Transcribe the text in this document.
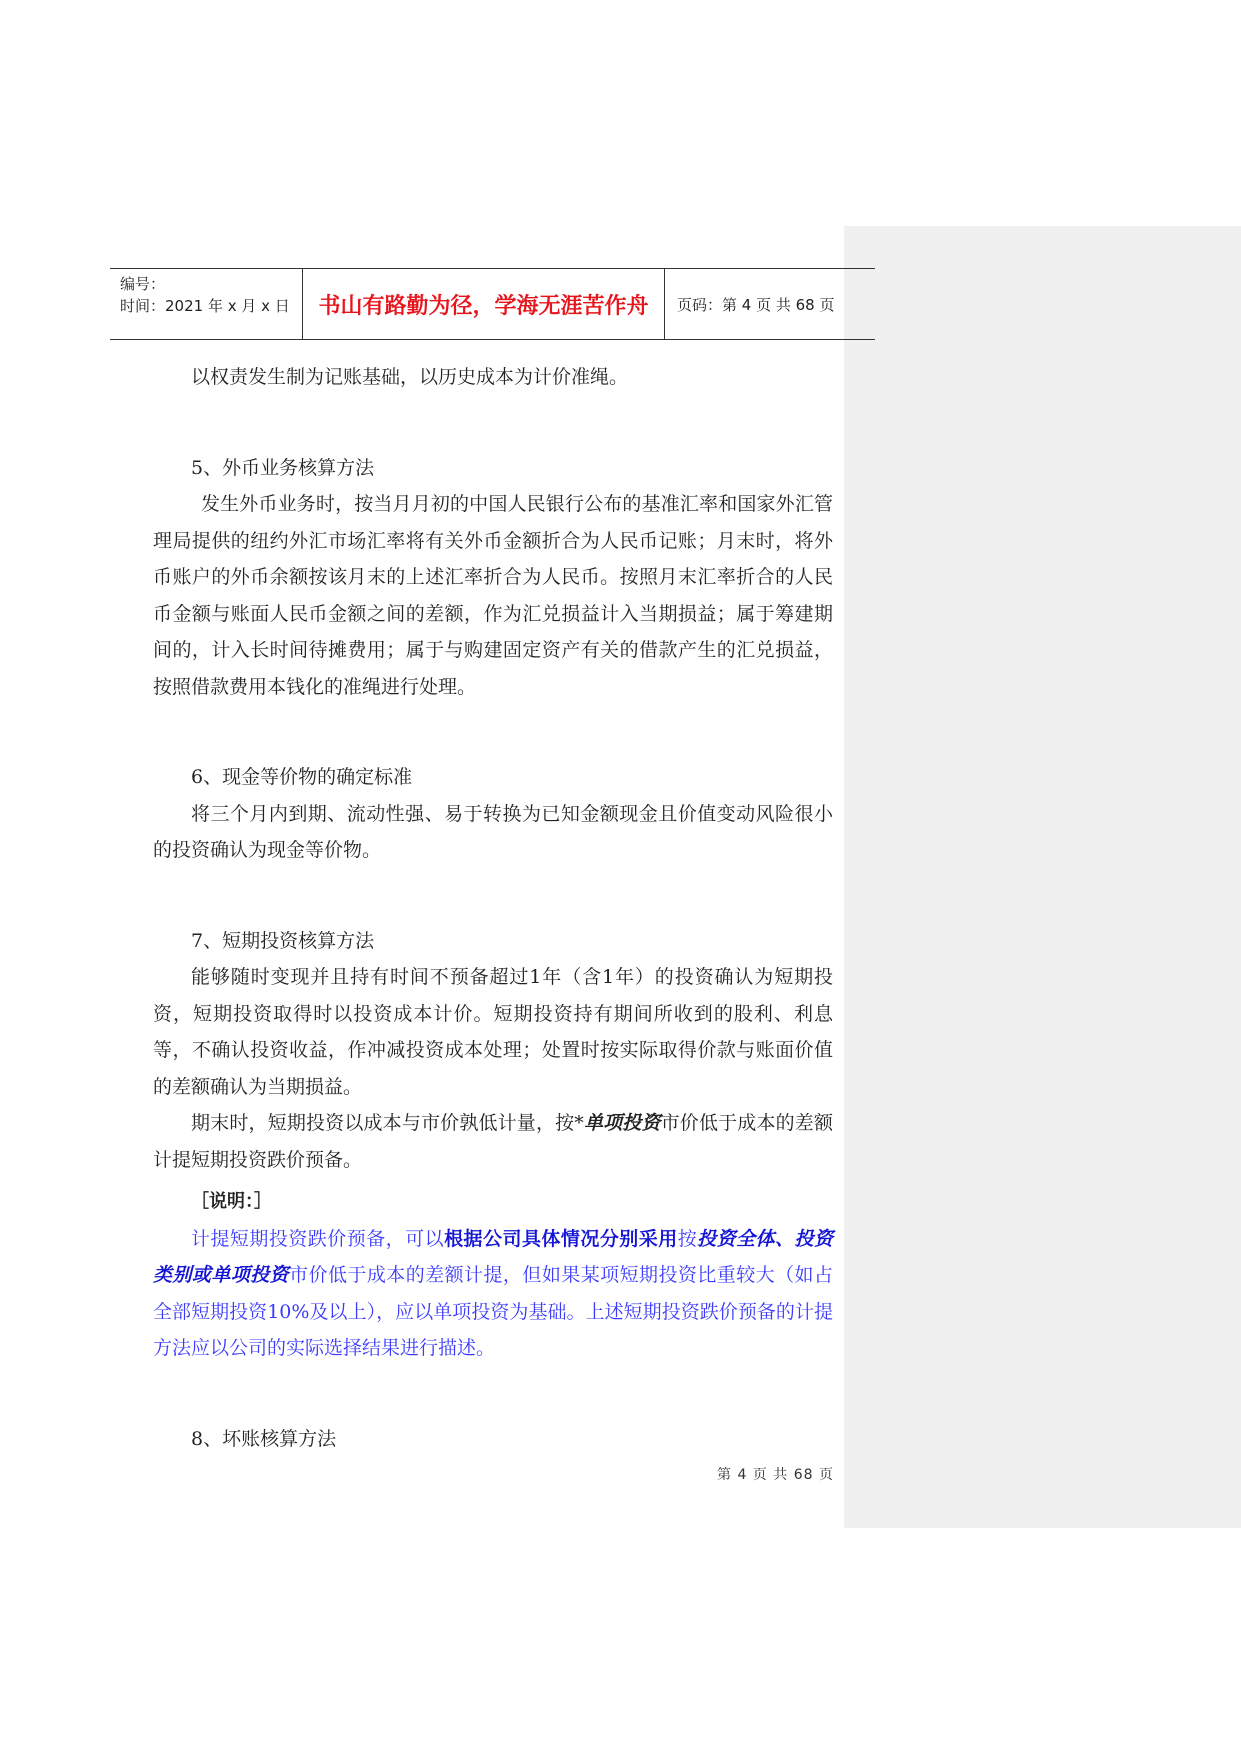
编号：
时间：2021 年 x 月 x 日	书山有路勤为径，学海无涯苦作舟	页码：第 4 页 共 68 页

以权责发生制为记账基础，以历史成本为计价准绳。

5、外币业务核算方法

发生外币业务时，按当月月初的中国人民银行公布的基准汇率和国家外汇管理局提供的纽约外汇市场汇率将有关外币金额折合为人民币记账；月末时，将外币账户的外币余额按该月末的上述汇率折合为人民币。按照月末汇率折合的人民币金额与账面人民币金额之间的差额，作为汇兑损益计入当期损益；属于筹建期间的，计入长时间待摊费用；属于与购建固定资产有关的借款产生的汇兑损益，按照借款费用本钱化的准绳进行处理。

6、现金等价物的确定标准

将三个月内到期、流动性强、易于转换为已知金额现金且价值变动风险很小的投资确认为现金等价物。

7、短期投资核算方法

能够随时变现并且持有时间不预备超过1年（含1年）的投资确认为短期投资，短期投资取得时以投资成本计价。短期投资持有期间所收到的股利、利息等，不确认投资收益，作冲减投资成本处理；处置时按实际取得价款与账面价值的差额确认为当期损益。

期末时，短期投资以成本与市价孰低计量，按*单项投资市价低于成本的差额计提短期投资跌价预备。

［说明：］

计提短期投资跌价预备，可以根据公司具体情况分别采用按投资全体、投资类别或单项投资市价低于成本的差额计提，但如果某项短期投资比重较大（如占全部短期投资10%及以上），应以单项投资为基础。上述短期投资跌价预备的计提方法应以公司的实际选择结果进行描述。

8、坏账核算方法

第 4 页 共 68 页
